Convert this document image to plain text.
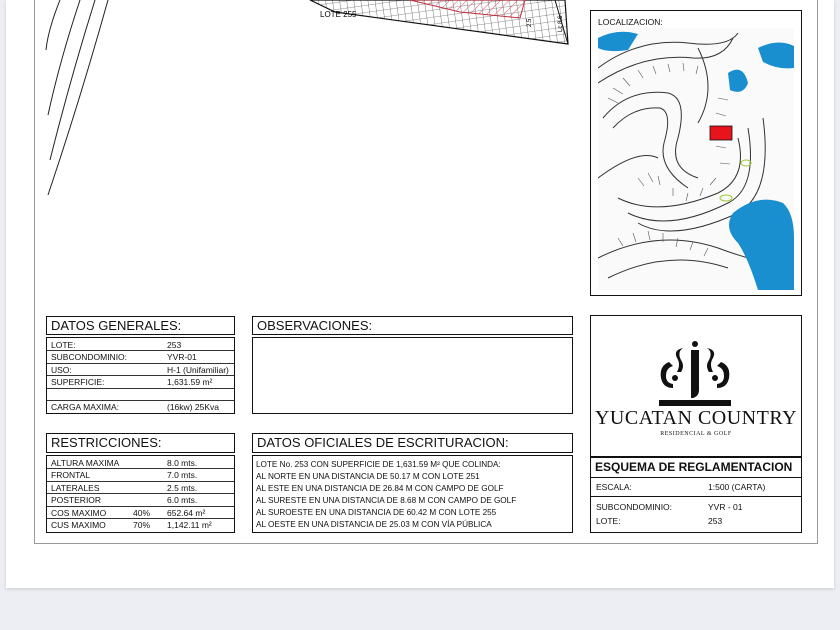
LOTE 255
2.5	Lc 8.6	LOCALIZACION:
DATOS GENERALES:
LOTE:	253
SUBCONDOMINIO:	YVR-01
USO:	H-1 (Unifamiliar)
SUPERFICIE:	1,631.59 m²
CARGA MAXIMA:	(16kw) 25Kva
OBSERVACIONES:
RESTRICCIONES:
ALTURA MAXIMA	8.0 mts.
FRONTAL	7.0 mts.
LATERALES	2.5 mts.
POSTERIOR	6.0 mts.
COS MAXIMO	40% 652.64 m²
CUS MAXIMO	70% 1,142.11 m²
DATOS OFICIALES DE ESCRITURACION:
LOTE No. 253 CON SUPERFICIE DE 1,631.59 M² QUE COLINDA:
AL NORTE EN UNA DISTANCIA DE 50.17 M CON LOTE 251
AL ESTE EN UNA DISTANCIA DE 26.84 M CON CAMPO DE GOLF
AL SURESTE EN UNA DISTANCIA DE 8.68 M CON CAMPO DE GOLF
AL SUROESTE EN UNA DISTANCIA DE 60.42 M CON LOTE 255
AL OESTE EN UNA DISTANCIA DE 25.03 M CON VÍA PÚBLICA
YUCATAN COUNTRY
RESIDENCIAL & GOLF
ESQUEMA DE REGLAMENTACION
ESCALA:	1:500 (CARTA)
SUBCONDOMINIO:	YVR - 01
LOTE:	253
